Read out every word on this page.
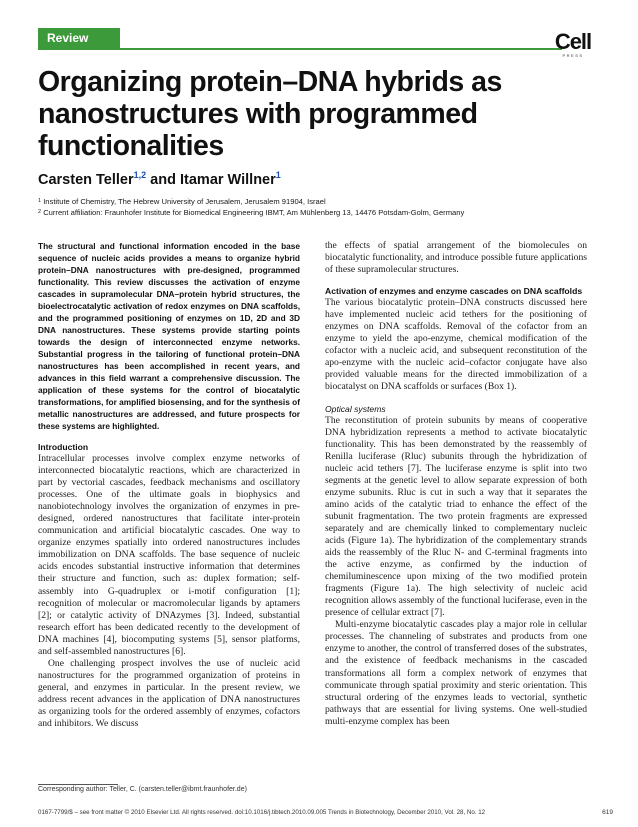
Review	Cell
PRESS
Organizing protein–DNA hybrids as nanostructures with programmed functionalities

Carsten Teller$^{1,2}$ and Itamar Willner$^1$

$^1$ Institute of Chemistry, The Hebrew University of Jerusalem, Jerusalem 91904, Israel
$^2$ Current affiliation: Fraunhofer Institute for Biomedical Engineering IBMT, Am Mühlenberg 13, 14476 Potsdam-Golm, Germany

The structural and functional information encoded in the base sequence of nucleic acids provides a means to organize hybrid protein–DNA nanostructures with pre-designed, programmed functionality. This review discusses the activation of enzyme cascades in supramolecular DNA–protein hybrid structures, the bioelectrocatalytic activation of redox enzymes on DNA scaffolds, and the programmed positioning of enzymes on 1D, 2D and 3D DNA nanostructures. These systems provide starting points towards the design of interconnected enzyme networks. Substantial progress in the tailoring of functional protein–DNA nanostructures has been accomplished in recent years, and advances in this field warrant a comprehensive discussion. The application of these systems for the control of biocatalytic transformations, for amplified biosensing, and for the synthesis of metallic nanostructures are addressed, and future prospects for these systems are highlighted.

Introduction

Intracellular processes involve complex enzyme networks of interconnected biocatalytic reactions, which are characterized in part by vectorial cascades, feedback mechanisms and oscillatory processes. One of the ultimate goals in biophysics and nanobiotechnology involves the organization of enzymes in pre-designed, ordered nanostructures that facilitate inter-protein communication and artificial biocatalytic cascades. One way to organize enzymes spatially into ordered nanostructures includes immobilization on DNA scaffolds. The base sequence of nucleic acids encodes substantial instructive information that determines their structure and function, such as: duplex formation; self-assembly into G-quadruplex or i-motif configuration [1]; recognition of molecular or macromolecular ligands by aptamers [2]; or catalytic activity of DNAzymes [3]. Indeed, substantial research effort has been dedicated recently to the development of DNA machines [4], biocomputing systems [5], sensor platforms, and self-assembled nanostructures [6].

One challenging prospect involves the use of nucleic acid nanostructures for the programmed organization of proteins in general, and enzymes in particular. In the present review, we address recent advances in the application of DNA nanostructures as organizing tools for the ordered assembly of enzymes, cofactors and inhibitors. We discuss

the effects of spatial arrangement of the biomolecules on biocatalytic functionality, and introduce possible future applications of these supramolecular structures.

Activation of enzymes and enzyme cascades on DNA scaffolds

The various biocatalytic protein–DNA constructs discussed here have implemented nucleic acid tethers for the positioning of enzymes on DNA scaffolds. Removal of the cofactor from an enzyme to yield the apo-enzyme, chemical modification of the cofactor with a nucleic acid, and subsequent reconstitution of the apo-enzyme with the nucleic acid–cofactor conjugate have also provided valuable means for the directed immobilization of a biocatalyst on DNA scaffolds or surfaces (Box 1).

Optical systems

The reconstitution of protein subunits by means of cooperative DNA hybridization represents a method to activate biocatalytic functionality. This has been demonstrated by the reassembly of Renilla luciferase (Rluc) subunits through the hybridization of nucleic acid tethers [7]. The luciferase enzyme is split into two segments at the genetic level to allow separate expression of both enzyme subunits. Rluc is cut in such a way that it separates the amino acids of the catalytic triad to enhance the effect of the subunit fragmentation. The two protein fragments are expressed separately and are chemically linked to complementary nucleic acids (Figure 1a). The hybridization of the complementary strands aids the reassembly of the Rluc N- and C-terminal fragments into the active enzyme, as confirmed by the induction of chemiluminescence upon mixing of the two modified protein fragments (Figure 1a). The high selectivity of nucleic acid recognition allows assembly of the functional luciferase, even in the presence of cellular extract [7].

Multi-enzyme biocatalytic cascades play a major role in cellular processes. The channeling of substrates and products from one enzyme to another, the control of transferred doses of the substrates, and the existence of feedback mechanisms in the cascaded transformations all form a complex network of enzymes that communicate through spatial proximity and steric orientation. This structural ordering of the enzymes leads to vectorial, synthetic pathways that are essential for living systems. One well-studied multi-enzyme complex has been

Corresponding author: Teller, C. (carsten.teller@ibmt.fraunhofer.de)
0167-7799/$ – see front matter © 2010 Elsevier Ltd. All rights reserved. doi:10.1016/j.tibtech.2010.09.005 Trends in Biotechnology, December 2010, Vol. 28, No. 12	619
